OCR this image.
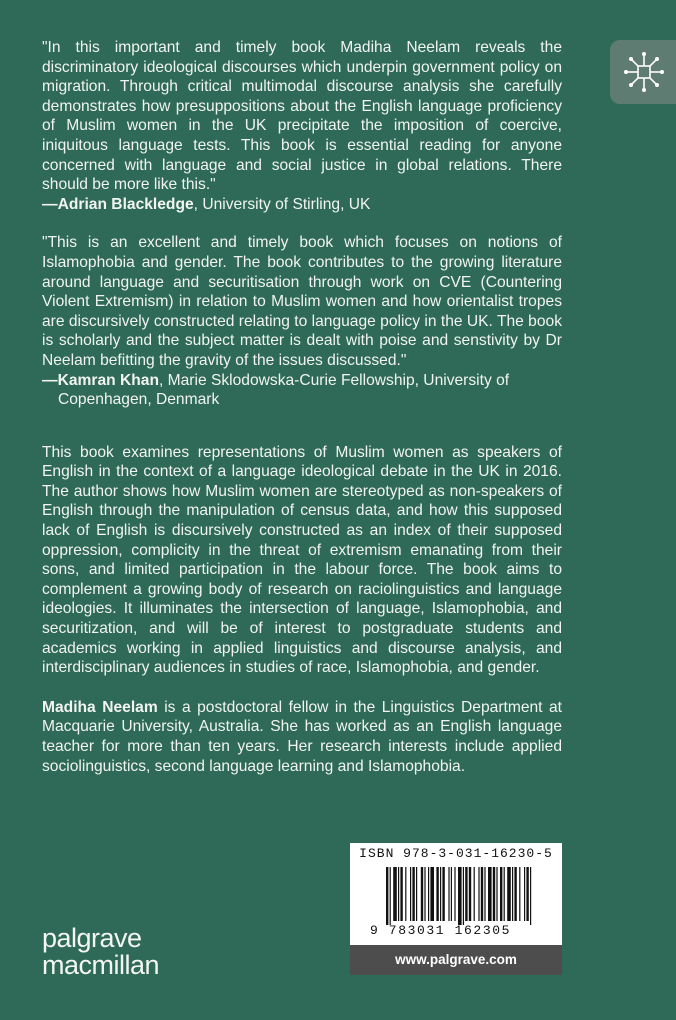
"In this important and timely book Madiha Neelam reveals the discriminatory ideological discourses which underpin government policy on migration. Through critical multimodal discourse analysis she carefully demonstrates how presuppositions about the English language proficiency of Muslim women in the UK precipitate the imposition of coercive, iniquitous language tests. This book is essential reading for anyone concerned with language and social justice in global relations. There should be more like this."

—Adrian Blackledge, University of Stirling, UK

"This is an excellent and timely book which focuses on notions of Islamophobia and gender. The book contributes to the growing literature around language and securitisation through work on CVE (Countering Violent Extremism) in relation to Muslim women and how orientalist tropes are discursively constructed relating to language policy in the UK. The book is scholarly and the subject matter is dealt with poise and senstivity by Dr Neelam befitting the gravity of the issues discussed."

—Kamran Khan, Marie Sklodowska-Curie Fellowship, University of
Copenhagen, Denmark

This book examines representations of Muslim women as speakers of English in the context of a language ideological debate in the UK in 2016. The author shows how Muslim women are stereotyped as non-speakers of English through the manipulation of census data, and how this supposed lack of English is discursively constructed as an index of their supposed oppression, complicity in the threat of extremism emanating from their sons, and limited participation in the labour force. The book aims to complement a growing body of research on raciolinguistics and language ideologies. It illuminates the intersection of language, Islamophobia, and securitization, and will be of interest to postgraduate students and academics working in applied linguistics and discourse analysis, and interdisciplinary audiences in studies of race, Islamophobia, and gender.

Madiha Neelam is a postdoctoral fellow in the Linguistics Department at Macquarie University, Australia. She has worked as an English language teacher for more than ten years. Her research interests include applied sociolinguistics, second language learning and Islamophobia.

palgrave
macmillan
ISBN 978-3-031-16230-5
9 783031 162305
www.palgrave.com
